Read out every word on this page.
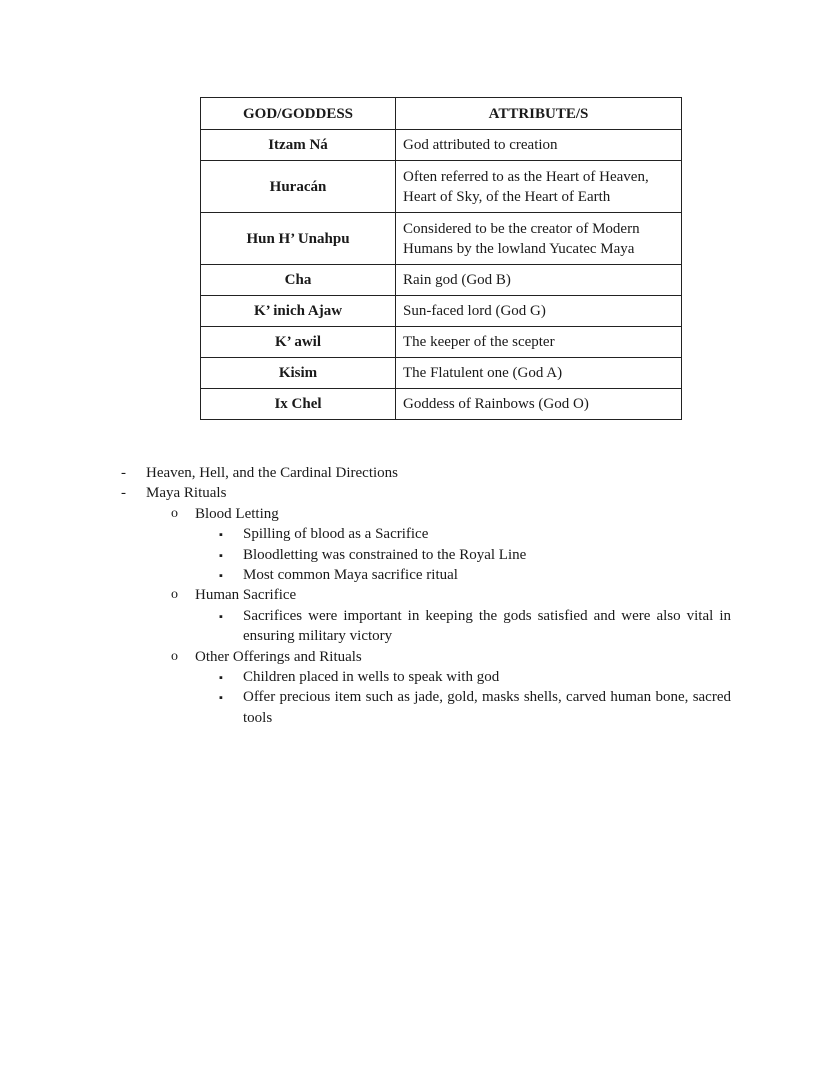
GOD/GODDESS	ATTRIBUTE/S
Itzam Ná	God attributed to creation
Huracán	Often referred to as the Heart of Heaven, Heart of Sky, of the Heart of Earth
Hun H’ Unahpu	Considered to be the creator of Modern Humans by the lowland Yucatec Maya
Cha	Rain god (God B)
K’ inich Ajaw	Sun-faced lord (God G)
K’ awil	The keeper of the scepter
Kisim	The Flatulent one (God A)
Ix Chel	Goddess of Rainbows (God O)
- Heaven, Hell, and the Cardinal Directions
- Maya Rituals
o Blood Letting
▪ Spilling of blood as a Sacrifice
▪ Bloodletting was constrained to the Royal Line
▪ Most common Maya sacrifice ritual
o Human Sacrifice
▪ Sacrifices were important in keeping the gods satisfied and were also vital in ensuring military victory
o Other Offerings and Rituals
▪ Children placed in wells to speak with god
▪ Offer precious item such as jade, gold, masks shells, carved human bone, sacred tools
